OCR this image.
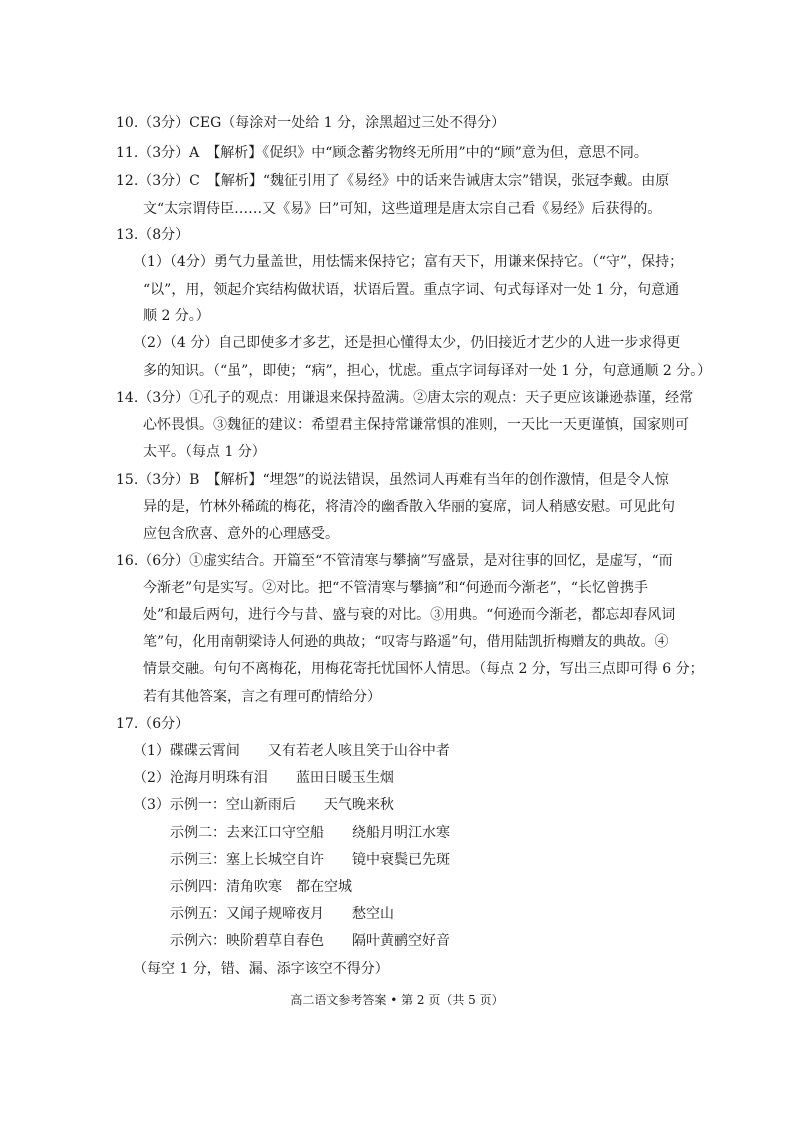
10.（3分）CEG（每涂对一处给 1 分，涂黑超过三处不得分）
11.（3分）A　【解析】《促织》中“顾念蓄劣物终无所用”中的“顾”意为但，意思不同。
12.（3分）C　【解析】“魏征引用了《易经》中的话来告诫唐太宗”错误，张冠李戴。由原
文“太宗谓侍臣……又《易》曰”可知，这些道理是唐太宗自己看《易经》后获得的。
13.（8分）
（1）（4分）勇气力量盖世，用怯懦来保持它；富有天下，用谦来保持它。（“守”，保持；
“以”，用，领起介宾结构做状语，状语后置。重点字词、句式每译对一处 1 分，句意通
顺 2 分。）
（2）（4 分）自己即使多才多艺，还是担心懂得太少，仍旧接近才艺少的人进一步求得更
多的知识。（“虽”，即使；“病”，担心，忧虑。重点字词每译对一处 1 分，句意通顺 2 分。）
14.（3分）①孔子的观点：用谦退来保持盈满。②唐太宗的观点：天子更应该谦逊恭谨，经常
心怀畏惧。③魏征的建议：希望君主保持常谦常惧的准则，一天比一天更谨慎，国家则可
太平。（每点 1 分）
15.（3分）B　【解析】“埋怨”的说法错误，虽然词人再难有当年的创作激情，但是令人惊
异的是，竹林外稀疏的梅花，将清冷的幽香散入华丽的宴席，词人稍感安慰。可见此句
应包含欣喜、意外的心理感受。
16.（6分）①虚实结合。开篇至“不管清寒与攀摘”写盛景，是对往事的回忆，是虚写，“而
今渐老”句是实写。②对比。把“不管清寒与攀摘”和“何逊而今渐老”，“长忆曾携手
处”和最后两句，进行今与昔、盛与衰的对比。③用典。“何逊而今渐老，都忘却春风词
笔”句，化用南朝梁诗人何逊的典故；“叹寄与路遥”句，借用陆凯折梅赠友的典故。④
情景交融。句句不离梅花，用梅花寄托忧国怀人情思。（每点 2 分，写出三点即可得 6 分；
若有其他答案，言之有理可酌情给分）
17.（6分）
（1）碟碟云霄间　　又有若老人咳且笑于山谷中者
（2）沧海月明珠有泪　　蓝田日暖玉生烟
（3）示例一：空山新雨后　　天气晚来秋
示例二：去来江口守空船　　绕船月明江水寒
示例三：塞上长城空自许　　镜中衰鬓已先斑
示例四：清角吹寒　都在空城
示例五：又闻子规啼夜月　　愁空山
示例六：映阶碧草自春色　　隔叶黄鹂空好音
（每空 1 分，错、漏、添字该空不得分）
高二语文参考答案 • 第 2 页（共 5 页）
